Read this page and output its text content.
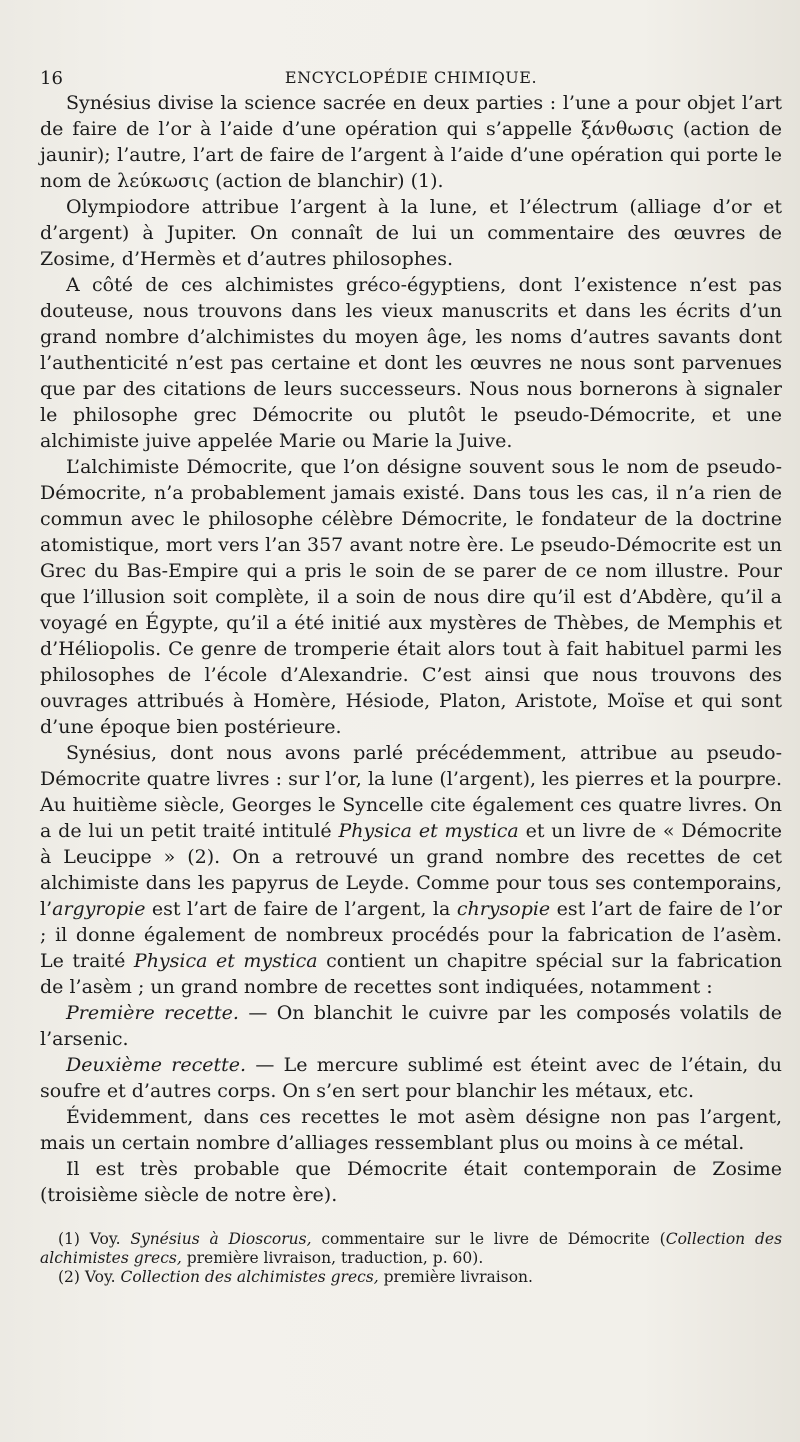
16	ENCYCLOPÉDIE CHIMIQUE.

Synésius divise la science sacrée en deux parties : l’une a pour objet l’art de faire de l’or à l’aide d’une opération qui s’appelle ξάνθωσις (action de jaunir); l’autre, l’art de faire de l’argent à l’aide d’une opération qui porte le nom de λεύκωσις (action de blanchir) (1).

Olympiodore attribue l’argent à la lune, et l’électrum (alliage d’or et d’argent) à Jupiter. On connaît de lui un commentaire des œuvres de Zosime, d’Hermès et d’autres philosophes.

A côté de ces alchimistes gréco-égyptiens, dont l’existence n’est pas douteuse, nous trouvons dans les vieux manuscrits et dans les écrits d’un grand nombre d’alchimistes du moyen âge, les noms d’autres savants dont l’authenticité n’est pas certaine et dont les œuvres ne nous sont parvenues que par des citations de leurs successeurs. Nous nous bornerons à signaler le philosophe grec Démocrite ou plutôt le pseudo-Démocrite, et une alchimiste juive appelée Marie ou Marie la Juive.

L’alchimiste Démocrite, que l’on désigne souvent sous le nom de pseudo-Démocrite, n’a probablement jamais existé. Dans tous les cas, il n’a rien de commun avec le philosophe célèbre Démocrite, le fondateur de la doctrine atomistique, mort vers l’an 357 avant notre ère. Le pseudo-Démocrite est un Grec du Bas-Empire qui a pris le soin de se parer de ce nom illustre. Pour que l’illusion soit complète, il a soin de nous dire qu’il est d’Abdère, qu’il a voyagé en Égypte, qu’il a été initié aux mystères de Thèbes, de Memphis et d’Héliopolis. Ce genre de tromperie était alors tout à fait habituel parmi les philosophes de l’école d’Alexandrie. C’est ainsi que nous trouvons des ouvrages attribués à Homère, Hésiode, Platon, Aristote, Moïse et qui sont d’une époque bien postérieure.

Synésius, dont nous avons parlé précédemment, attribue au pseudo-Démocrite quatre livres : sur l’or, la lune (l’argent), les pierres et la pourpre. Au huitième siècle, Georges le Syncelle cite également ces quatre livres. On a de lui un petit traité intitulé Physica et mystica et un livre de « Démocrite à Leucippe » (2). On a retrouvé un grand nombre des recettes de cet alchimiste dans les papyrus de Leyde. Comme pour tous ses contemporains, l’argyropie est l’art de faire de l’argent, la chrysopie est l’art de faire de l’or ; il donne également de nombreux procédés pour la fabrication de l’asèm. Le traité Physica et mystica contient un chapitre spécial sur la fabrication de l’asèm ; un grand nombre de recettes sont indiquées, notamment :

Première recette. — On blanchit le cuivre par les composés volatils de l’arsenic.

Deuxième recette. — Le mercure sublimé est éteint avec de l’étain, du soufre et d’autres corps. On s’en sert pour blanchir les métaux, etc.

Évidemment, dans ces recettes le mot asèm désigne non pas l’argent, mais un certain nombre d’alliages ressemblant plus ou moins à ce métal.

Il est très probable que Démocrite était contemporain de Zosime (troisième siècle de notre ère).

(1) Voy. Synésius à Dioscorus, commentaire sur le livre de Démocrite (Collection des alchimistes grecs, première livraison, traduction, p. 60).

(2) Voy. Collection des alchimistes grecs, première livraison.
